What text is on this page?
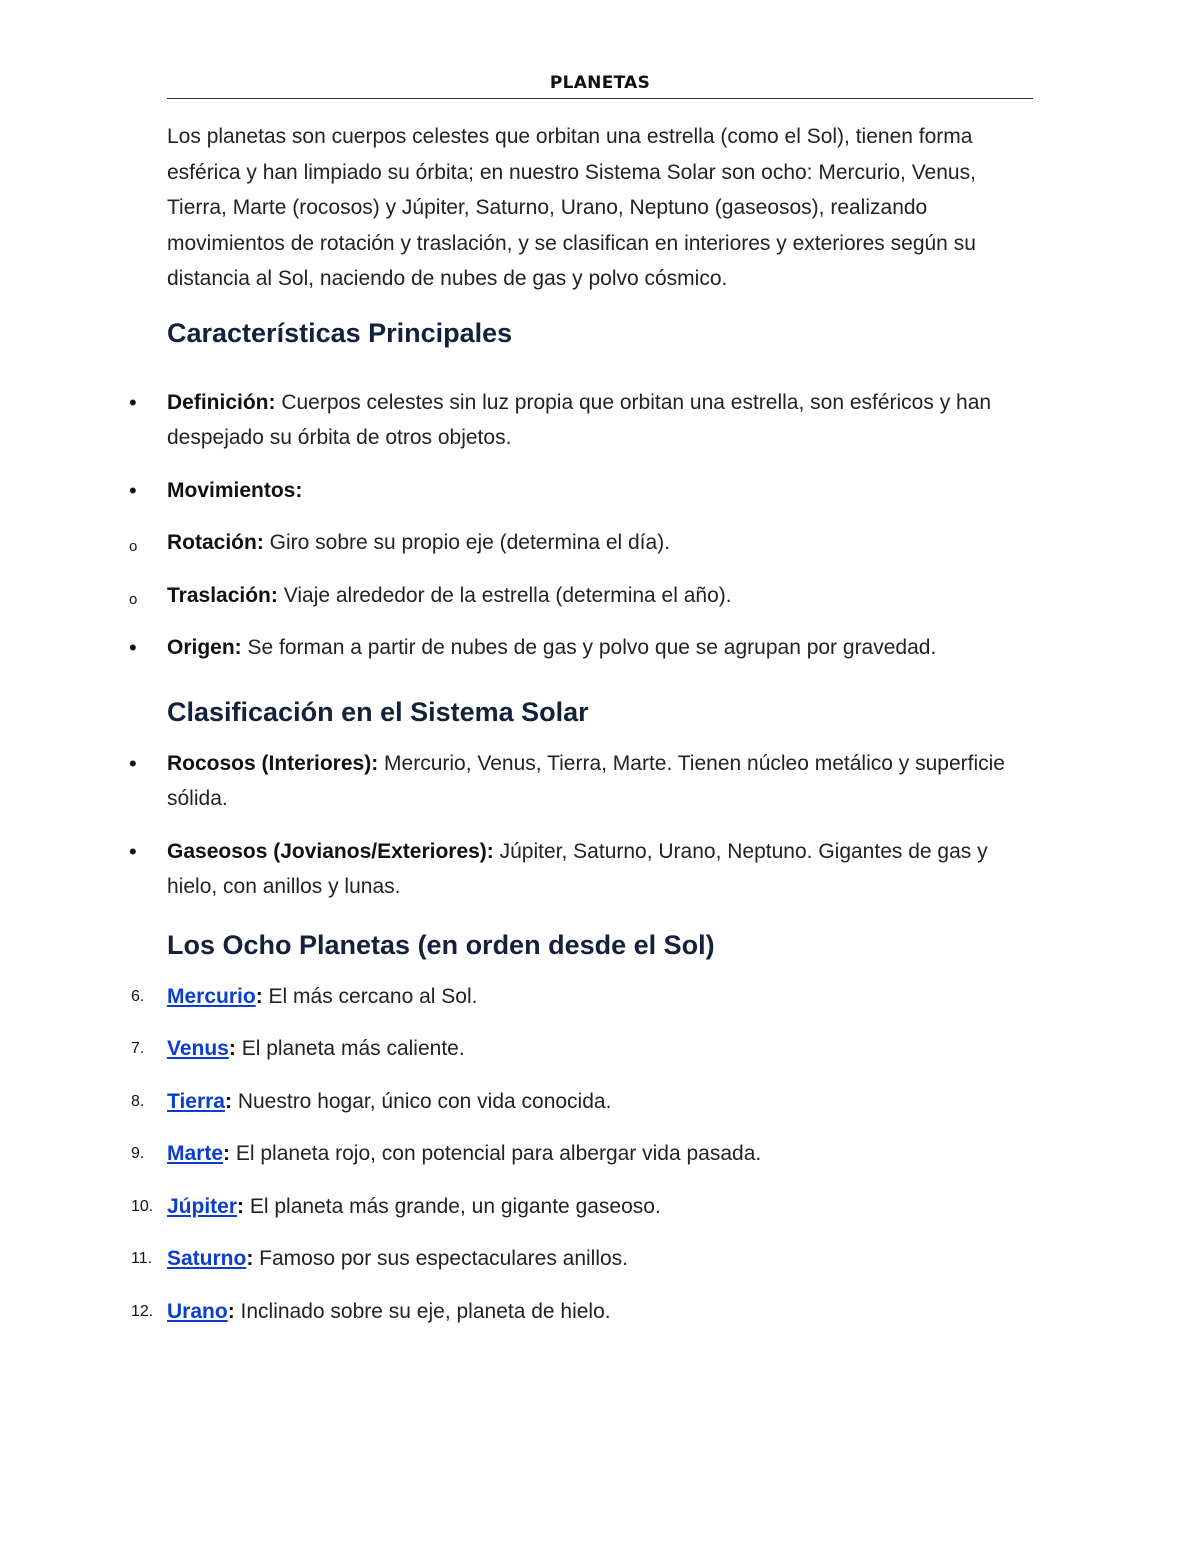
PLANETAS

Los planetas son cuerpos celestes que orbitan una estrella (como el Sol), tienen forma esférica y han limpiado su órbita; en nuestro Sistema Solar son ocho: Mercurio, Venus, Tierra, Marte (rocosos) y Júpiter, Saturno, Urano, Neptuno (gaseosos), realizando movimientos de rotación y traslación, y se clasifican en interiores y exteriores según su distancia al Sol, naciendo de nubes de gas y polvo cósmico.

Características Principales
•	Definición: Cuerpos celestes sin luz propia que orbitan una estrella, son esféricos y han despejado su órbita de otros objetos.
•	Movimientos:
o	Rotación: Giro sobre su propio eje (determina el día).
o	Traslación: Viaje alrededor de la estrella (determina el año).
•	Origen: Se forman a partir de nubes de gas y polvo que se agrupan por gravedad.
Clasificación en el Sistema Solar
•	Rocosos (Interiores): Mercurio, Venus, Tierra, Marte. Tienen núcleo metálico y superficie sólida.
•	Gaseosos (Jovianos/Exteriores): Júpiter, Saturno, Urano, Neptuno. Gigantes de gas y hielo, con anillos y lunas.
Los Ocho Planetas (en orden desde el Sol)
6.	Mercurio: El más cercano al Sol.
7.	Venus: El planeta más caliente.
8.	Tierra: Nuestro hogar, único con vida conocida.
9.	Marte: El planeta rojo, con potencial para albergar vida pasada.
10. Júpiter: El planeta más grande, un gigante gaseoso.
11. Saturno: Famoso por sus espectaculares anillos.
12. Urano: Inclinado sobre su eje, planeta de hielo.
